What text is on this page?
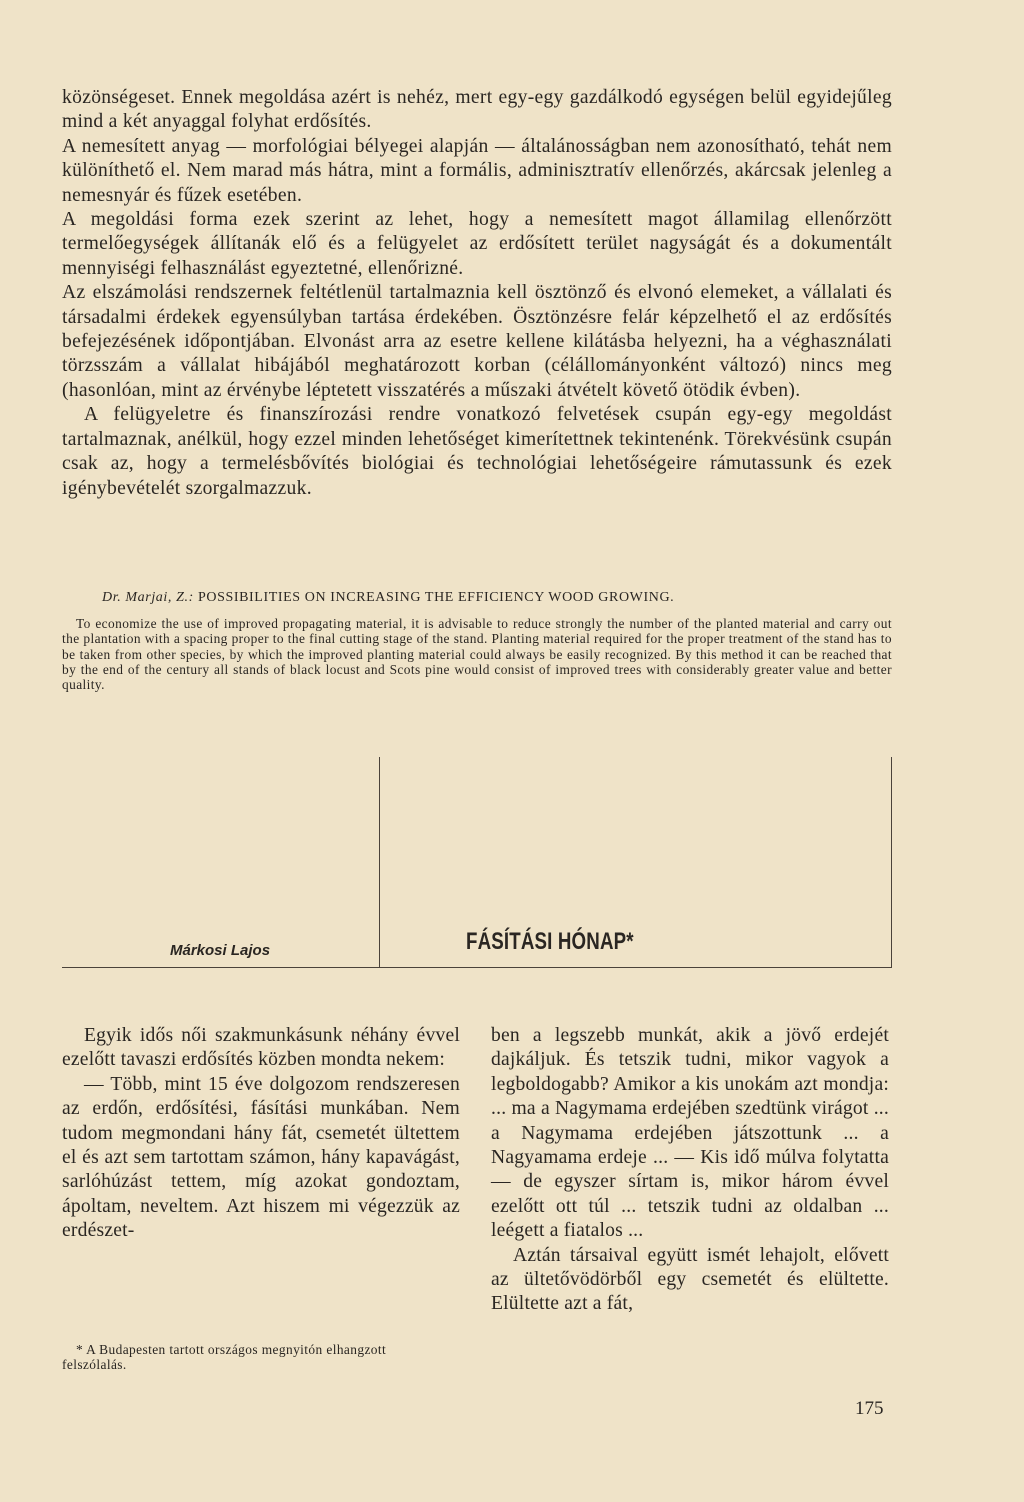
közönségeset. Ennek megoldása azért is nehéz, mert egy-egy gazdálkodó egységen belül egyidejűleg mind a két anyaggal folyhat erdősítés.

A nemesített anyag — morfológiai bélyegei alapján — általánosságban nem azonosítható, tehát nem különíthető el. Nem marad más hátra, mint a formális, adminisztratív ellenőrzés, akárcsak jelenleg a nemesnyár és fűzek esetében.

A megoldási forma ezek szerint az lehet, hogy a nemesített magot államilag ellenőrzött termelőegységek állítanák elő és a felügyelet az erdősített terület nagyságát és a dokumentált mennyiségi felhasználást egyeztetné, ellenőrizné.

Az elszámolási rendszernek feltétlenül tartalmaznia kell ösztönző és elvonó elemeket, a vállalati és társadalmi érdekek egyensúlyban tartása érdekében. Ösztönzésre felár képzelhető el az erdősítés befejezésének időpontjában. Elvonást arra az esetre kellene kilátásba helyezni, ha a véghasználati törzsszám a vállalat hibájából meghatározott korban (célállományonként változó) nincs meg (hasonlóan, mint az érvénybe léptetett visszatérés a műszaki átvételt követő ötödik évben).

A felügyeletre és finanszírozási rendre vonatkozó felvetések csupán egy-egy megoldást tartalmaznak, anélkül, hogy ezzel minden lehetőséget kimerítettnek tekintenénk. Törekvésünk csupán csak az, hogy a termelésbővítés biológiai és technológiai lehetőségeire rámutassunk és ezek igénybevételét szorgalmazzuk.

Dr. Marjai, Z.: POSSIBILITIES ON INCREASING THE EFFICIENCY WOOD GROWING.

To economize the use of improved propagating material, it is advisable to reduce strongly the number of the planted material and carry out the plantation with a spacing proper to the final cutting stage of the stand. Planting material required for the proper treatment of the stand has to be taken from other species, by which the improved planting material could always be easily recognized. By this method it can be reached that by the end of the century all stands of black locust and Scots pine would consist of improved trees with considerably greater value and better quality.

Márkosi Lajos	FÁSÍTÁSI HÓNAP*

Egyik idős női szakmunkásunk néhány évvel ezelőtt tavaszi erdősítés közben mondta nekem:

— Több, mint 15 éve dolgozom rendszeresen az erdőn, erdősítési, fásítási munkában. Nem tudom megmondani hány fát, csemetét ültettem el és azt sem tartottam számon, hány kapavágást, sarlóhúzást tettem, míg azokat gondoztam, ápoltam, neveltem. Azt hiszem mi végezzük az erdészet-

ben a legszebb munkát, akik a jövő erdejét dajkáljuk. És tetszik tudni, mikor vagyok a legboldogabb? Amikor a kis unokám azt mondja: ... ma a Nagymama erdejében szedtünk virágot ... a Nagymama erdejében játszottunk ... a Nagyamama erdeje ... — Kis idő múlva folytatta — de egyszer sírtam is, mikor három évvel ezelőtt ott túl ... tetszik tudni az oldalban ... leégett a fiatalos ...

Aztán társaival együtt ismét lehajolt, elővett az ültetővödörből egy csemetét és elültette. Elültette azt a fát,

* A Budapesten tartott országos megnyitón elhangzott felszólalás.
175
